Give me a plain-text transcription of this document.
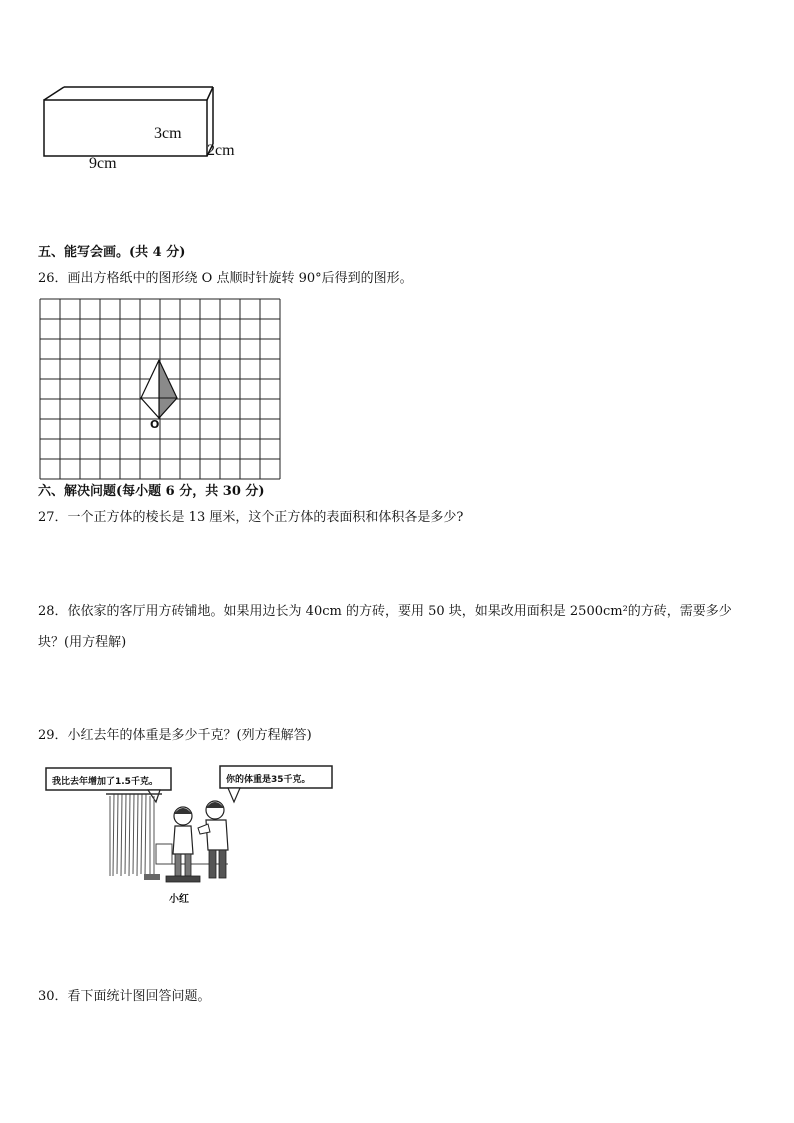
3cm
2cm
9cm
五、能写会画。(共 4 分)
26．画出方格纸中的图形绕 O 点顺时针旋转 90°后得到的图形。
O
六、解决问题(每小题 6 分，共 30 分)
27．一个正方体的棱长是 13 厘米，这个正方体的表面积和体积各是多少?
28．依依家的客厅用方砖铺地。如果用边长为 40cm 的方砖，要用 50 块，如果改用面积是 2500cm²的方砖，需要多少
块？(用方程解)
29．小红去年的体重是多少千克？(列方程解答)
我比去年增加了1.5千克。	你的体重是35千克。
小红
30．看下面统计图回答问题。
